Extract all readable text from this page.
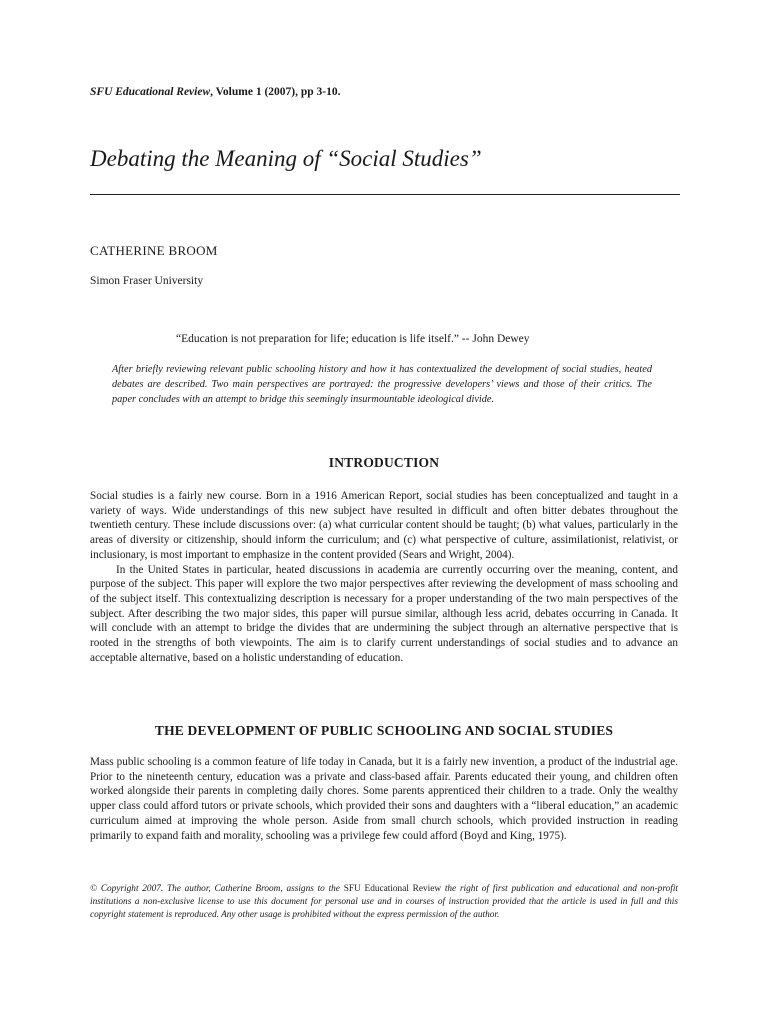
SFU Educational Review, Volume 1 (2007), pp 3-10.
Debating the Meaning of “Social Studies”
CATHERINE BROOM
Simon Fraser University
“Education is not preparation for life; education is life itself.” -- John Dewey
After briefly reviewing relevant public schooling history and how it has contextualized the development of social studies, heated debates are described. Two main perspectives are portrayed: the progressive developers’ views and those of their critics. The paper concludes with an attempt to bridge this seemingly insurmountable ideological divide.
INTRODUCTION

Social studies is a fairly new course. Born in a 1916 American Report, social studies has been conceptualized and taught in a variety of ways. Wide understandings of this new subject have resulted in difficult and often bitter debates throughout the twentieth century. These include discussions over: (a) what curricular content should be taught; (b) what values, particularly in the areas of diversity or citizenship, should inform the curriculum; and (c) what perspective of culture, assimilationist, relativist, or inclusionary, is most important to emphasize in the content provided (Sears and Wright, 2004).

In the United States in particular, heated discussions in academia are currently occurring over the meaning, content, and purpose of the subject. This paper will explore the two major perspectives after reviewing the development of mass schooling and of the subject itself. This contextualizing description is necessary for a proper understanding of the two main perspectives of the subject. After describing the two major sides, this paper will pursue similar, although less acrid, debates occurring in Canada. It will conclude with an attempt to bridge the divides that are undermining the subject through an alternative perspective that is rooted in the strengths of both viewpoints. The aim is to clarify current understandings of social studies and to advance an acceptable alternative, based on a holistic understanding of education.

THE DEVELOPMENT OF PUBLIC SCHOOLING AND SOCIAL STUDIES

Mass public schooling is a common feature of life today in Canada, but it is a fairly new invention, a product of the industrial age. Prior to the nineteenth century, education was a private and class-based affair. Parents educated their young, and children often worked alongside their parents in completing daily chores. Some parents apprenticed their children to a trade. Only the wealthy upper class could afford tutors or private schools, which provided their sons and daughters with a “liberal education,” an academic curriculum aimed at improving the whole person. Aside from small church schools, which provided instruction in reading primarily to expand faith and morality, schooling was a privilege few could afford (Boyd and King, 1975).

© Copyright 2007. The author, Catherine Broom, assigns to the SFU Educational Review the right of first publication and educational and non-profit institutions a non-exclusive license to use this document for personal use and in courses of instruction provided that the article is used in full and this copyright statement is reproduced. Any other usage is prohibited without the express permission of the author.
